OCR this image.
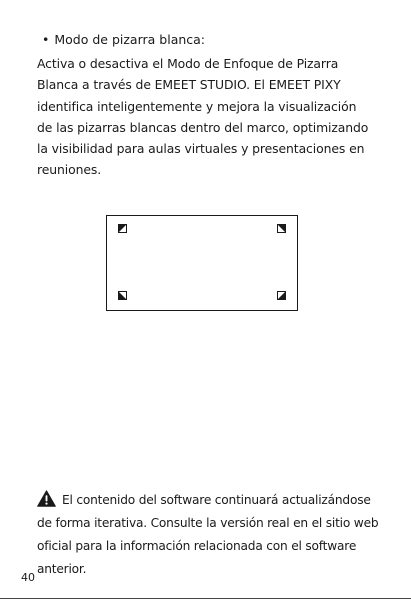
• Modo de pizarra blanca:
Activa o desactiva el Modo de Enfoque de Pizarra
Blanca a través de EMEET STUDIO. El EMEET PIXY
identifica inteligentemente y mejora la visualización
de las pizarras blancas dentro del marco, optimizando
la visibilidad para aulas virtuales y presentaciones en
reuniones.
El contenido del software continuará actualizándose
de forma iterativa. Consulte la versión real en el sitio web
oficial para la información relacionada con el software
anterior.
40
